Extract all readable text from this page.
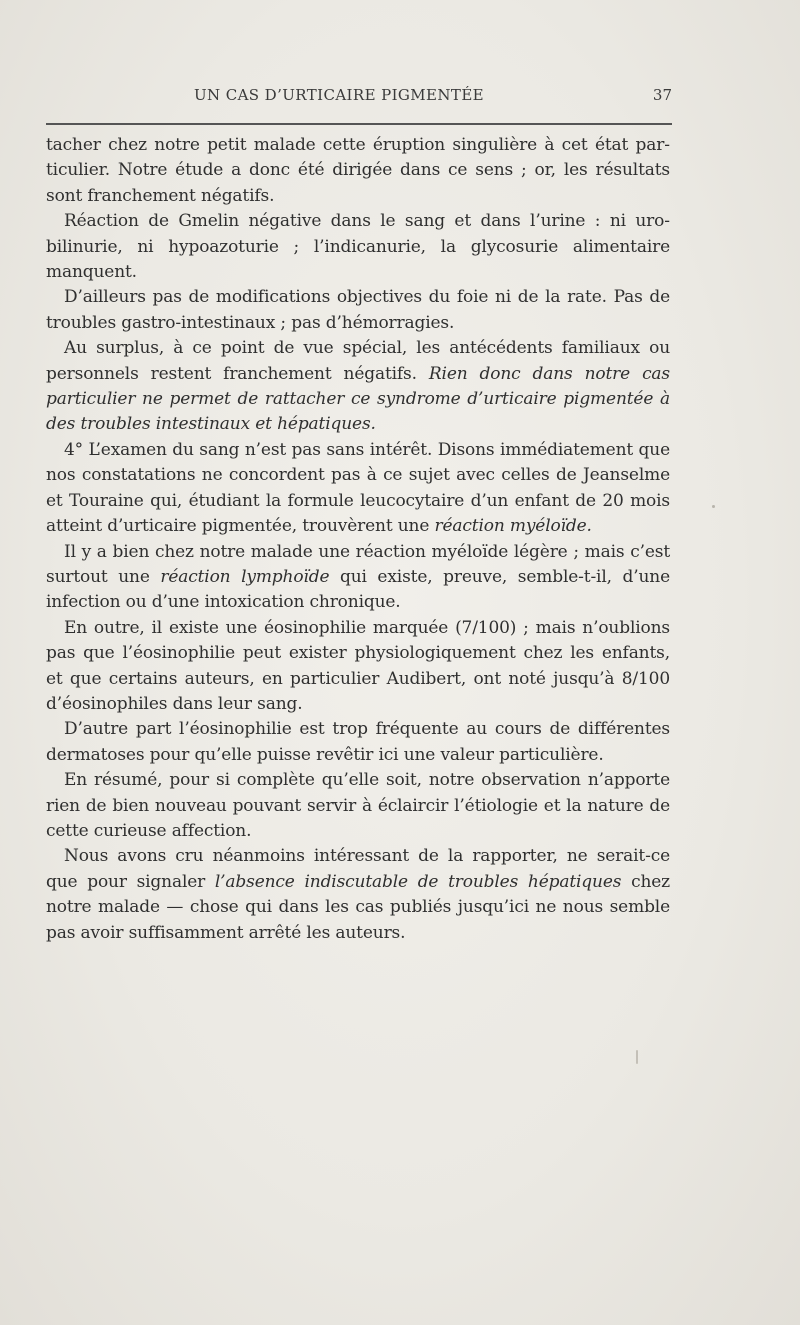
UN CAS D’URTICAIRE PIGMENTÉE	37

tacher chez notre petit malade cette éruption singulière à cet état particulier. Notre étude a donc été dirigée dans ce sens ; or, les résultats sont franchement négatifs.

Réaction de Gmelin négative dans le sang et dans l’urine : ni urobilinurie, ni hypoazoturie ; l’indicanurie, la glycosurie alimentaire manquent.

D’ailleurs pas de modifications objectives du foie ni de la rate. Pas de troubles gastro-intestinaux ; pas d’hémorragies.

Au surplus, à ce point de vue spécial, les antécédents familiaux ou personnels restent franchement négatifs. Rien donc dans notre cas particulier ne permet de rattacher ce syndrome d’urticaire pigmentée à des troubles intestinaux et hépatiques.

4° L’examen du sang n’est pas sans intérêt. Disons immédiatement que nos constatations ne concordent pas à ce sujet avec celles de Jeanselme et Touraine qui, étudiant la formule leucocytaire d’un enfant de 20 mois atteint d’urticaire pigmentée, trouvèrent une réaction myéloïde.

Il y a bien chez notre malade une réaction myéloïde légère ; mais c’est surtout une réaction lymphoïde qui existe, preuve, semble-t-il, d’une infection ou d’une intoxication chronique.

En outre, il existe une éosinophilie marquée (7/100) ; mais n’oublions pas que l’éosinophilie peut exister physiologiquement chez les enfants, et que certains auteurs, en particulier Audibert, ont noté jusqu’à 8/100 d’éosinophiles dans leur sang.

D’autre part l’éosinophilie est trop fréquente au cours de différentes dermatoses pour qu’elle puisse revêtir ici une valeur particulière.

En résumé, pour si complète qu’elle soit, notre observation n’apporte rien de bien nouveau pouvant servir à éclaircir l’étiologie et la nature de cette curieuse affection.

Nous avons cru néanmoins intéressant de la rapporter, ne serait-ce que pour signaler l’absence indiscutable de troubles hépatiques chez notre malade — chose qui dans les cas publiés jusqu’ici ne nous semble pas avoir suffisamment arrêté les auteurs.
